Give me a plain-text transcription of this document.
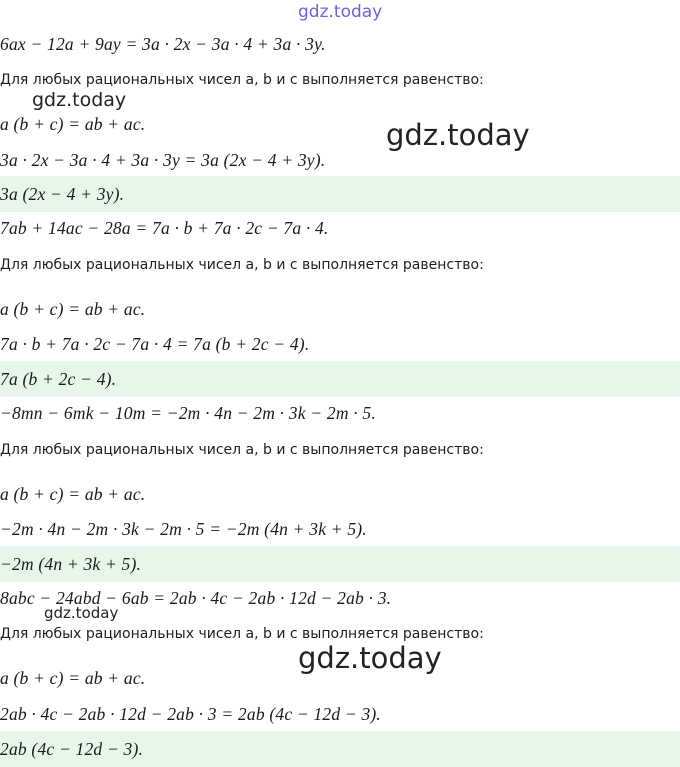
gdz.today
gdz.today
gdz.today
gdz.today
gdz.today
6ax − 12a + 9ay = 3a · 2x − 3a · 4 + 3a · 3y.
Для любых рациональных чисел a, b и c выполняется равенство:
a (b + c) = ab + ac.
3a · 2x − 3a · 4 + 3a · 3y = 3a (2x − 4 + 3y).
3a (2x − 4 + 3y).
7ab + 14ac − 28a = 7a · b + 7a · 2c − 7a · 4.
Для любых рациональных чисел a, b и c выполняется равенство:
a (b + c) = ab + ac.
7a · b + 7a · 2c − 7a · 4 = 7a (b + 2c − 4).
7a (b + 2c − 4).
−8mn − 6mk − 10m = −2m · 4n − 2m · 3k − 2m · 5.
Для любых рациональных чисел a, b и c выполняется равенство:
a (b + c) = ab + ac.
−2m · 4n − 2m · 3k − 2m · 5 = −2m (4n + 3k + 5).
−2m (4n + 3k + 5).
8abc − 24abd − 6ab = 2ab · 4c − 2ab · 12d − 2ab · 3.
Для любых рациональных чисел a, b и c выполняется равенство:
a (b + c) = ab + ac.
2ab · 4c − 2ab · 12d − 2ab · 3 = 2ab (4c − 12d − 3).
2ab (4c − 12d − 3).
